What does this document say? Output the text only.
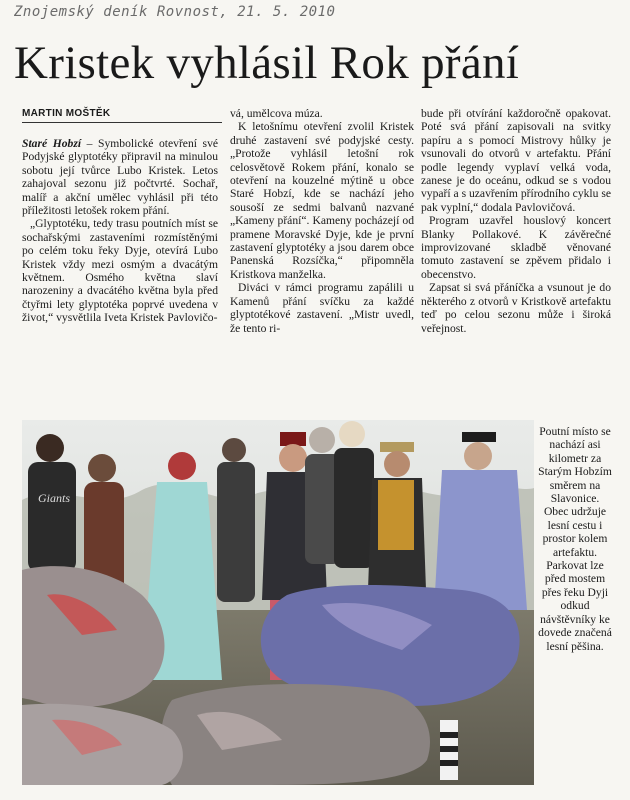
Znojemský deník Rovnost, 21. 5. 2010
Kristek vyhlásil Rok přání
MARTIN MOŠTĚK

Staré Hobzí – Symbolické otevření své Podyjské glyptotéky připravil na minulou sobotu její tvůrce Lubo Kristek. Letos zahajoval sezonu již počtvrté. Sochař, malíř a akční umělec vyhlásil při této příležitosti letošek rokem přání.

„Glyptotéku, tedy trasu poutních míst se sochařskými zastaveními rozmístěnými po celém toku řeky Dyje, otevírá Lubo Kristek vždy mezi osmým a dvacátým květnem. Osmého května slaví narozeniny a dvacátého května byla před čtyřmi lety glyptotéka poprvé uvedena v život,“ vysvětlila Iveta Kristek Pavlovičo-

vá, umělcova múza.

K letošnímu otevření zvolil Kristek druhé zastavení své podyjské cesty. „Protože vyhlásil letošní rok celosvětově Rokem přání, konalo se otevření na kouzelné mýtině u obce Staré Hobzí, kde se nachází jeho sousoší ze sedmi balvanů nazvané „Kameny přání“. Kameny pocházejí od pramene Moravské Dyje, kde je první zastavení glyptotéky a jsou darem obce Panenská Rozsíčka,“ připomněla Kristkova manželka.

Diváci v rámci programu zapálili u Kamenů přání svíčku za každé glyptotékové zastavení. „Mistr uvedl, že tento ri-

bude při otvírání každoročně opakovat. Poté svá přání zapisovali na svitky papíru a s pomocí Mistrovy hůlky je vsunovali do otvorů v artefaktu. Přání podle legendy vyplaví velká voda, zanese je do oceánu, odkud se s vodou vypaří a s uzavřením přírodního cyklu se pak vyplní,“ dodala Pavlovičová.

Program uzavřel houslový koncert Blanky Pollakové. K závěrečné improvizované skladbě věnované tomuto zastavení se zpěvem přidalo i obecenstvo.

Zapsat si svá přáníčka a vsunout je do některého z otvorů v Kristkově artefaktu teď po celou sezonu může i široká veřejnost.

Poutní místo se nachází asi kilometr za Starým Hobzím směrem na Slavonice. Obec udržuje lesní cestu i prostor kolem artefaktu. Parkovat lze před mostem přes řeku Dyji odkud návštěvníky ke dovede značená lesní pěšina.

Giants
